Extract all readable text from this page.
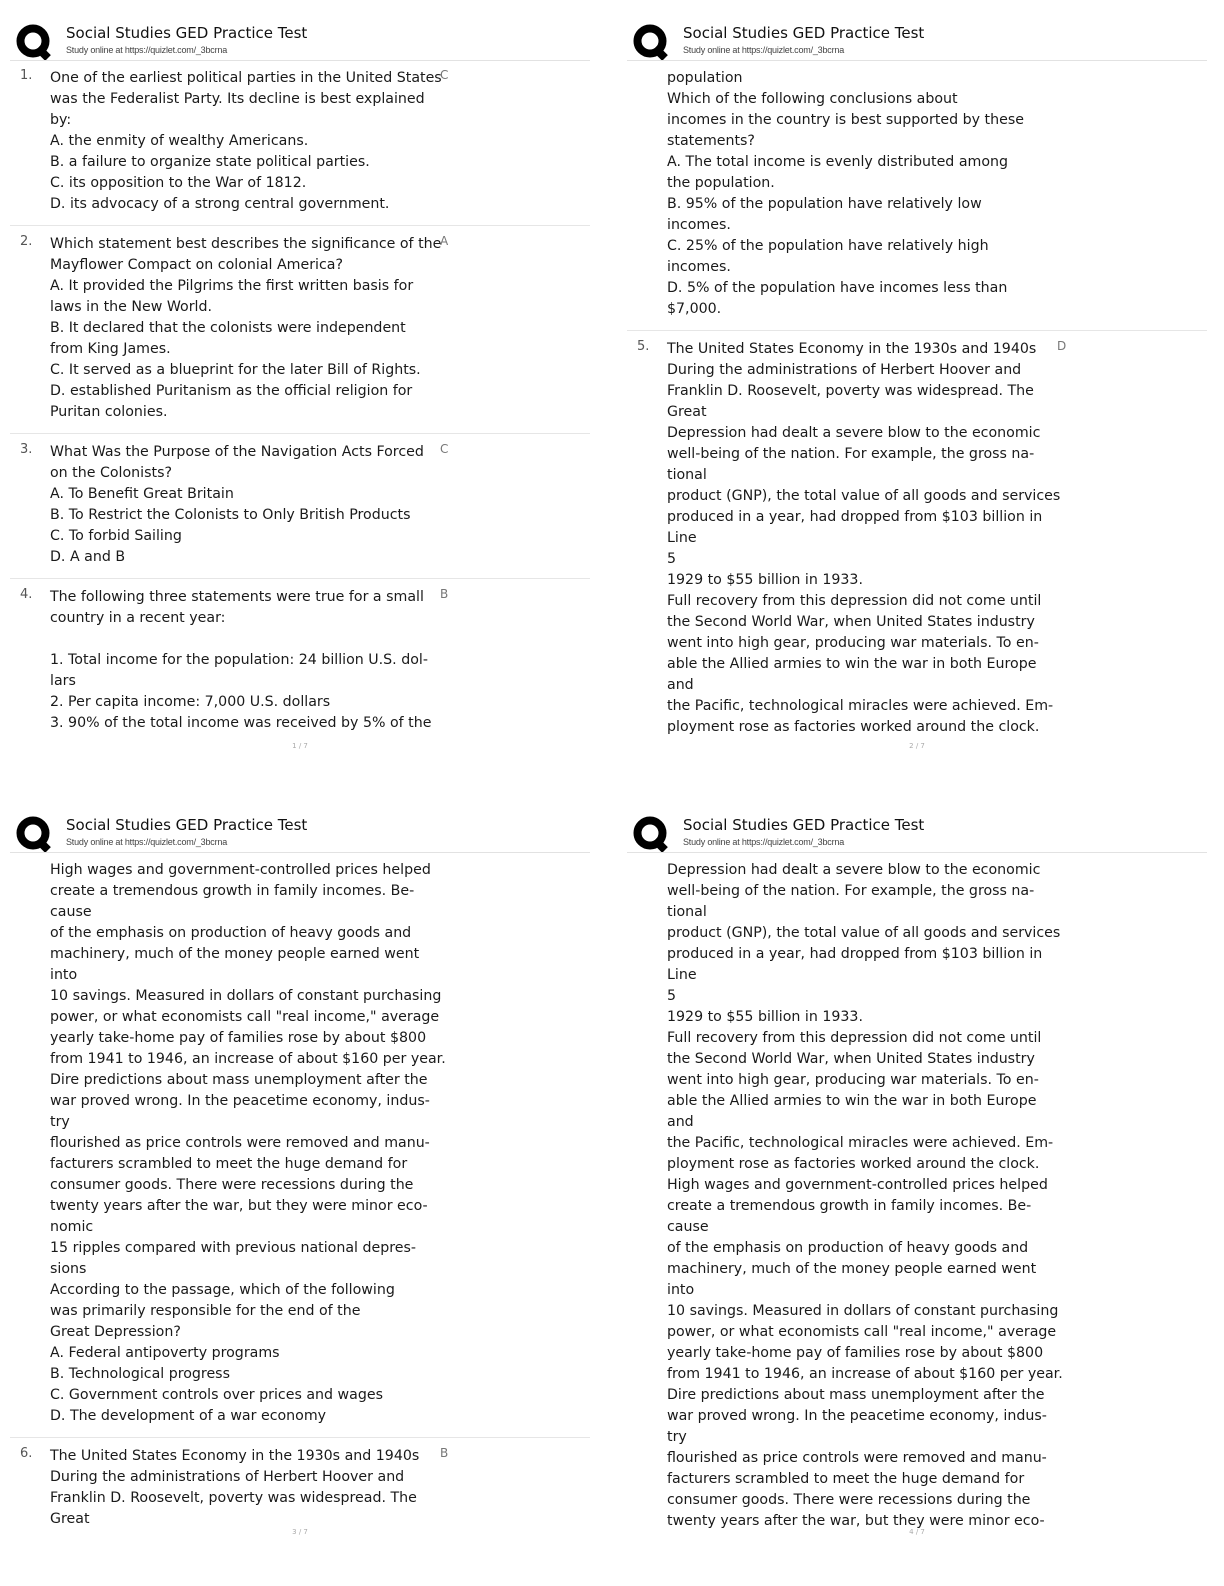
Social Studies GED Practice Test
Study online at https://quizlet.com/_3bcrna
1. One of the earliest political parties in the United States
was the Federalist Party. Its decline is best explained
by:
A. the enmity of wealthy Americans.
B. a failure to organize state political parties.
C. its opposition to the War of 1812.
D. its advocacy of a strong central government.
C
2. Which statement best describes the significance of the
Mayflower Compact on colonial America?
A. It provided the Pilgrims the first written basis for
laws in the New World.
B. It declared that the colonists were independent
from King James.
C. It served as a blueprint for the later Bill of Rights.
D. established Puritanism as the official religion for
Puritan colonies.
A
3. What Was the Purpose of the Navigation Acts Forced
on the Colonists?
A. To Benefit Great Britain
B. To Restrict the Colonists to Only British Products
C. To forbid Sailing
D. A and B
C
4. The following three statements were true for a small
country in a recent year:

1. Total income for the population: 24 billion U.S. dol-
lars
2. Per capita income: 7,000 U.S. dollars
3. 90% of the total income was received by 5% of the
B
1 / 7
Social Studies GED Practice Test
Study online at https://quizlet.com/_3bcrna
population
Which of the following conclusions about
incomes in the country is best supported by these
statements?
A. The total income is evenly distributed among
the population.
B. 95% of the population have relatively low
incomes.
C. 25% of the population have relatively high
incomes.
D. 5% of the population have incomes less than
$7,000.
5. The United States Economy in the 1930s and 1940s
During the administrations of Herbert Hoover and
Franklin D. Roosevelt, poverty was widespread. The
Great
Depression had dealt a severe blow to the economic
well-being of the nation. For example, the gross na-
tional
product (GNP), the total value of all goods and services
produced in a year, had dropped from $103 billion in
Line
5
1929 to $55 billion in 1933.
Full recovery from this depression did not come until
the Second World War, when United States industry
went into high gear, producing war materials. To en-
able the Allied armies to win the war in both Europe
and
the Pacific, technological miracles were achieved. Em-
ployment rose as factories worked around the clock.
D
2 / 7
Social Studies GED Practice Test
Study online at https://quizlet.com/_3bcrna
High wages and government-controlled prices helped
create a tremendous growth in family incomes. Be-
cause
of the emphasis on production of heavy goods and
machinery, much of the money people earned went
into
10 savings. Measured in dollars of constant purchasing
power, or what economists call "real income," average
yearly take-home pay of families rose by about $800
from 1941 to 1946, an increase of about $160 per year.
Dire predictions about mass unemployment after the
war proved wrong. In the peacetime economy, indus-
try
flourished as price controls were removed and manu-
facturers scrambled to meet the huge demand for
consumer goods. There were recessions during the
twenty years after the war, but they were minor eco-
nomic
15 ripples compared with previous national depres-
sions
According to the passage, which of the following
was primarily responsible for the end of the
Great Depression?
A. Federal antipoverty programs
B. Technological progress
C. Government controls over prices and wages
D. The development of a war economy
6. The United States Economy in the 1930s and 1940s
During the administrations of Herbert Hoover and
Franklin D. Roosevelt, poverty was widespread. The
Great
B
3 / 7
Social Studies GED Practice Test
Study online at https://quizlet.com/_3bcrna
Depression had dealt a severe blow to the economic
well-being of the nation. For example, the gross na-
tional
product (GNP), the total value of all goods and services
produced in a year, had dropped from $103 billion in
Line
5
1929 to $55 billion in 1933.
Full recovery from this depression did not come until
the Second World War, when United States industry
went into high gear, producing war materials. To en-
able the Allied armies to win the war in both Europe
and
the Pacific, technological miracles were achieved. Em-
ployment rose as factories worked around the clock.
High wages and government-controlled prices helped
create a tremendous growth in family incomes. Be-
cause
of the emphasis on production of heavy goods and
machinery, much of the money people earned went
into
10 savings. Measured in dollars of constant purchasing
power, or what economists call "real income," average
yearly take-home pay of families rose by about $800
from 1941 to 1946, an increase of about $160 per year.
Dire predictions about mass unemployment after the
war proved wrong. In the peacetime economy, indus-
try
flourished as price controls were removed and manu-
facturers scrambled to meet the huge demand for
consumer goods. There were recessions during the
twenty years after the war, but they were minor eco-
4 / 7
